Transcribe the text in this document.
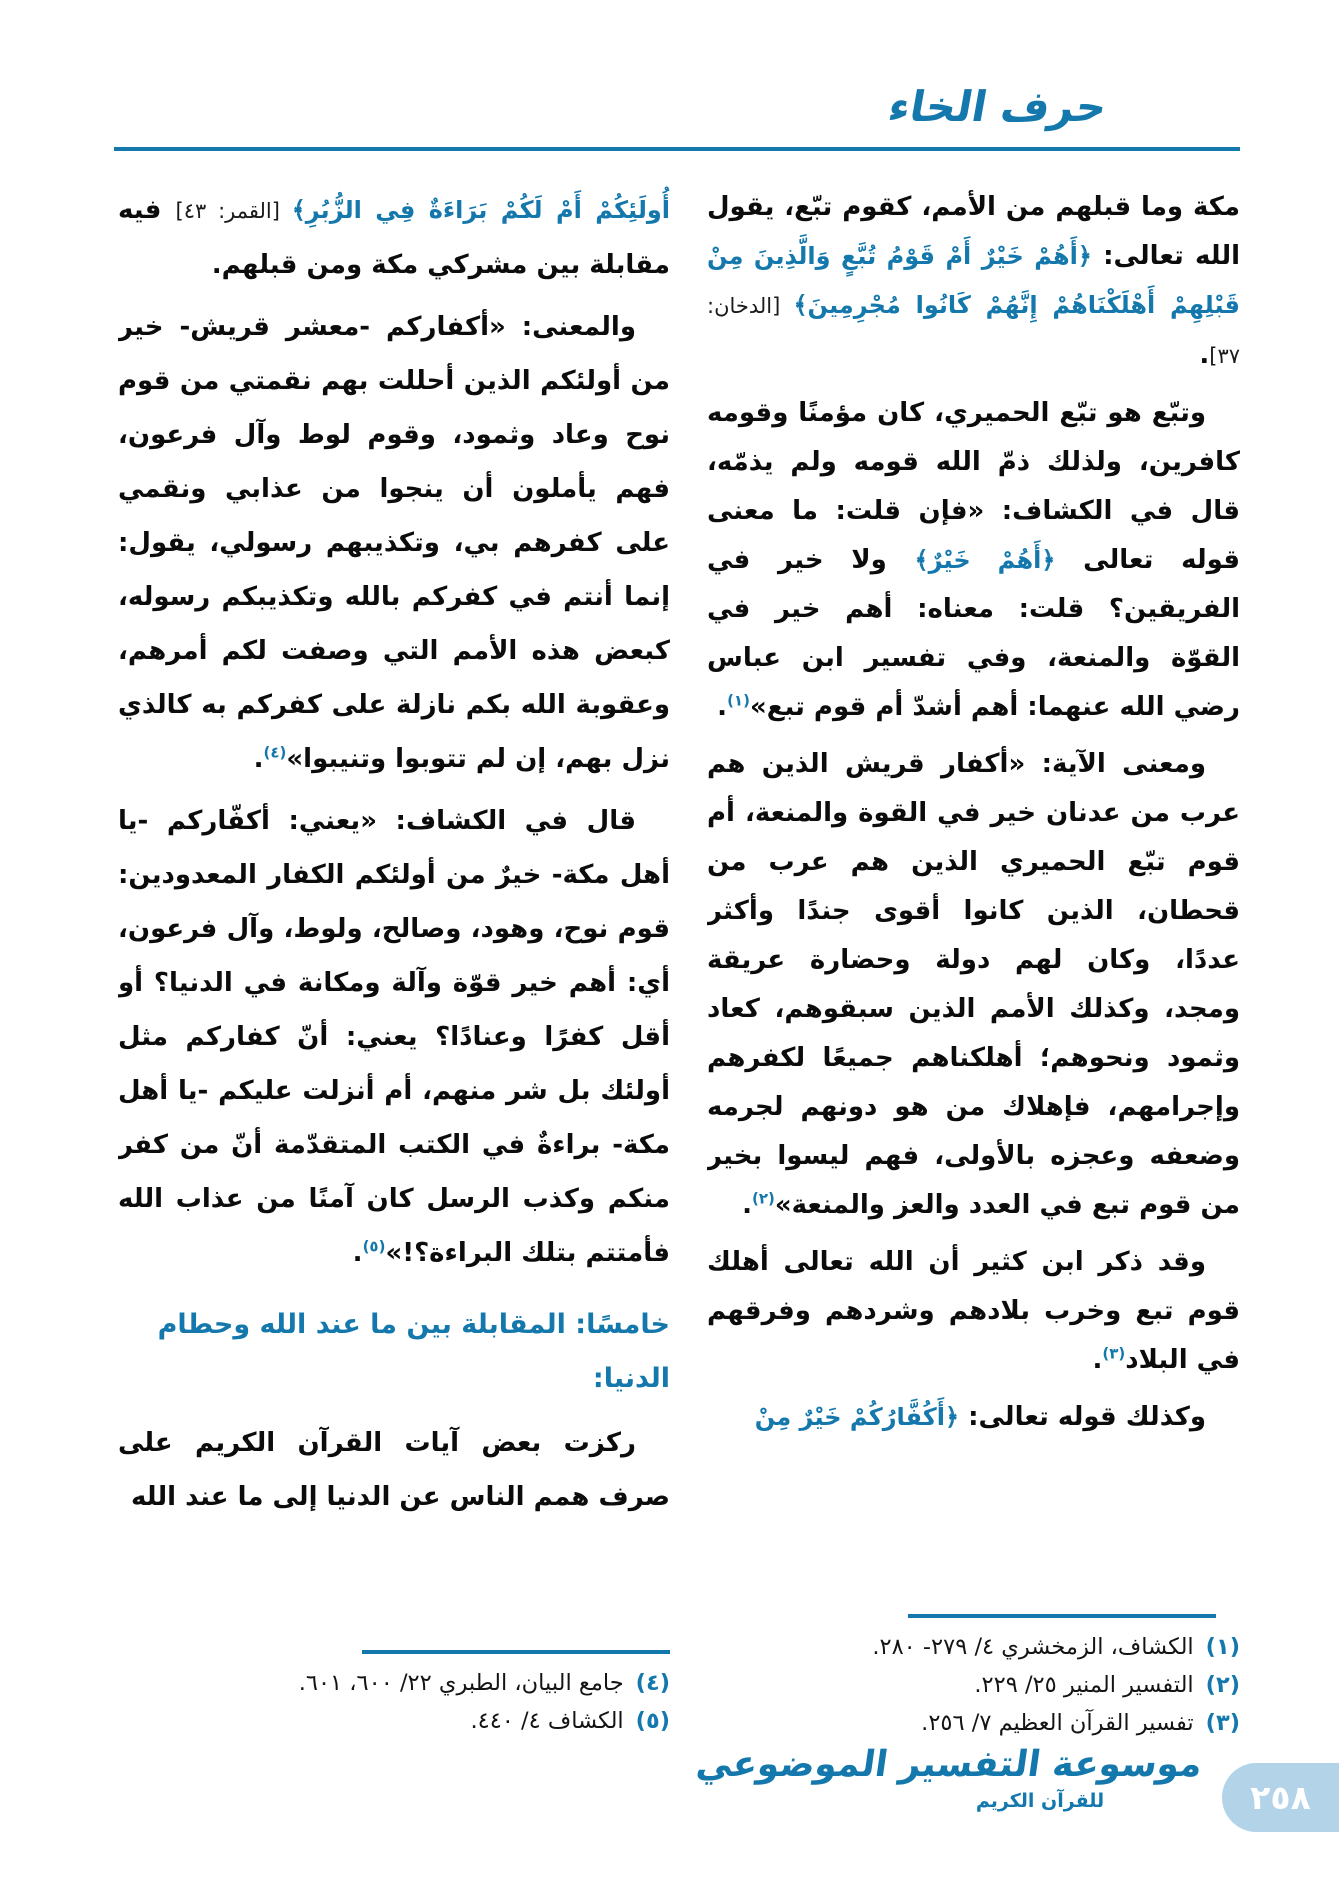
حرف الخاء

مكة وما قبلهم من الأمم، كقوم تبّع، يقول الله تعالى: ﴿أَهُمْ خَيْرٌ أَمْ قَوْمُ تُبَّعٍ وَالَّذِينَ مِنْ قَبْلِهِمْ أَهْلَكْنَاهُمْ إِنَّهُمْ كَانُوا مُجْرِمِينَ﴾ [الدخان: ٣٧].

وتبّع هو تبّع الحميري، كان مؤمنًا وقومه كافرين، ولذلك ذمّ الله قومه ولم يذمّه، قال في الكشاف: «فإن قلت: ما معنى قوله تعالى ﴿أَهُمْ خَيْرٌ﴾ ولا خير في الفريقين؟ قلت: معناه: أهم خير في القوّة والمنعة، وفي تفسير ابن عباس رضي الله عنهما: أهم أشدّ أم قوم تبع»$^{(١)}$.

ومعنى الآية: «أكفار قريش الذين هم عرب من عدنان خير في القوة والمنعة، أم قوم تبّع الحميري الذين هم عرب من قحطان، الذين كانوا أقوى جندًا وأكثر عددًا، وكان لهم دولة وحضارة عريقة ومجد، وكذلك الأمم الذين سبقوهم، كعاد وثمود ونحوهم؛ أهلكناهم جميعًا لكفرهم وإجرامهم، فإهلاك من هو دونهم لجرمه وضعفه وعجزه بالأولى، فهم ليسوا بخير من قوم تبع في العدد والعز والمنعة»$^{(٢)}$.

وقد ذكر ابن كثير أن الله تعالى أهلك قوم تبع وخرب بلادهم وشردهم وفرقهم في البلاد$^{(٣)}$.

وكذلك قوله تعالى: ﴿أَكُفَّارُكُمْ خَيْرٌ مِنْ

أُولَئِكُمْ أَمْ لَكُمْ بَرَاءَةٌ فِي الزُّبُرِ﴾ [القمر: ٤٣] فيه مقابلة بين مشركي مكة ومن قبلهم.

والمعنى: «أكفاركم -معشر قريش- خير من أولئكم الذين أحللت بهم نقمتي من قوم نوح وعاد وثمود، وقوم لوط وآل فرعون، فهم يأملون أن ينجوا من عذابي ونقمي على كفرهم بي، وتكذيبهم رسولي، يقول: إنما أنتم في كفركم بالله وتكذيبكم رسوله، كبعض هذه الأمم التي وصفت لكم أمرهم، وعقوبة الله بكم نازلة على كفركم به كالذي نزل بهم، إن لم تتوبوا وتنيبوا»$^{(٤)}$.

قال في الكشاف: «يعني: أكفّاركم -يا أهل مكة- خيرٌ من أولئكم الكفار المعدودين: قوم نوح، وهود، وصالح، ولوط، وآل فرعون، أي: أهم خير قوّة وآلة ومكانة في الدنيا؟ أو أقل كفرًا وعنادًا؟ يعني: أنّ كفاركم مثل أولئك بل شر منهم، أم أنزلت عليكم -يا أهل مكة- براءةٌ في الكتب المتقدّمة أنّ من كفر منكم وكذب الرسل كان آمنًا من عذاب الله فأمتتم بتلك البراءة؟!»$^{(٥)}$.

خامسًا: المقابلة بين ما عند الله وحطام الدنيا:

ركزت بعض آيات القرآن الكريم على صرف همم الناس عن الدنيا إلى ما عند الله

(١)الكشاف، الزمخشري ٤/ ٢٧٩- ٢٨٠.
(٢)التفسير المنير ٢٥/ ٢٢٩.
(٣)تفسير القرآن العظيم ٧/ ٢٥٦.
(٤)جامع البيان، الطبري ٢٢/ ٦٠٠، ٦٠١.
(٥)الكشاف ٤/ ٤٤٠.
موسوعة التفسير الموضوعي
للقرآن الكريم	٢٥٨
